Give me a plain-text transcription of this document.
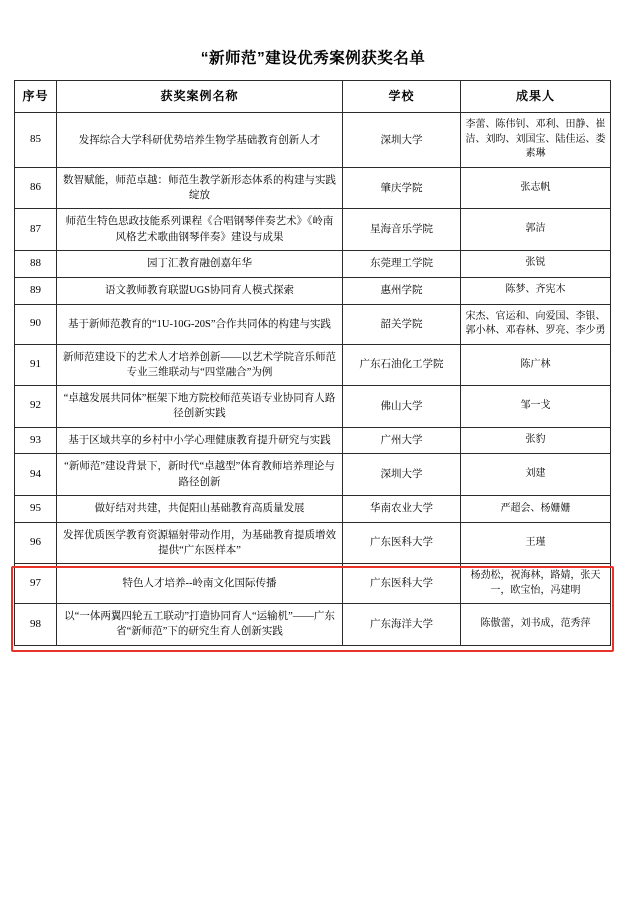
“新师范”建设优秀案例获奖名单
序号	获奖案例名称	学校	成果人
85	发挥综合大学科研优势培养生物学基础教育创新人才	深圳大学	李蕾、陈伟钊、邓利、田静、崔洁、刘昀、刘国宝、陆佳运、娄素琳
86	数智赋能，师范卓越：师范生教学新形态体系的构建与实践绽放	肇庆学院	张志帆
87	师范生特色思政技能系列课程《合唱钢琴伴奏艺术》《岭南风格艺术歌曲钢琴伴奏》建设与成果	星海音乐学院	郭洁
88	园丁汇教育融创嘉年华	东莞理工学院	张锐
89	语文教师教育联盟UGS协同育人模式探索	惠州学院	陈梦、齐宪木
90	基于新师范教育的“1U-10G-20S”合作共同体的构建与实践	韶关学院	宋杰、官运和、向爱国、李银、郭小林、邓春林、罗亮、李少勇
91	新师范建设下的艺术人才培养创新——以艺术学院音乐师范专业三维联动与“四堂融合”为例	广东石油化工学院	陈广林
92	“卓越发展共同体”框架下地方院校师范英语专业协同育人路径创新实践	佛山大学	邹一戈
93	基于区域共享的乡村中小学心理健康教育提升研究与实践	广州大学	张豹
94	“新师范”建设背景下，新时代“卓越型”体育教师培养理论与路径创新	深圳大学	刘建
95	做好结对共建，共促阳山基础教育高质量发展	华南农业大学	严超会、杨姗姗
96	发挥优质医学教育资源辐射带动作用，为基础教育提质增效提供“广东医样本”	广东医科大学	王瑾
97	特色人才培养--岭南文化国际传播	广东医科大学	杨劲松，祝海林，路婧，张天一，欧宝怡，冯建明
98	以“一体两翼四轮五工联动”打造协同育人“运输机”——广东省“新师范”下的研究生育人创新实践	广东海洋大学	陈傲蕾，刘书成，范秀萍
